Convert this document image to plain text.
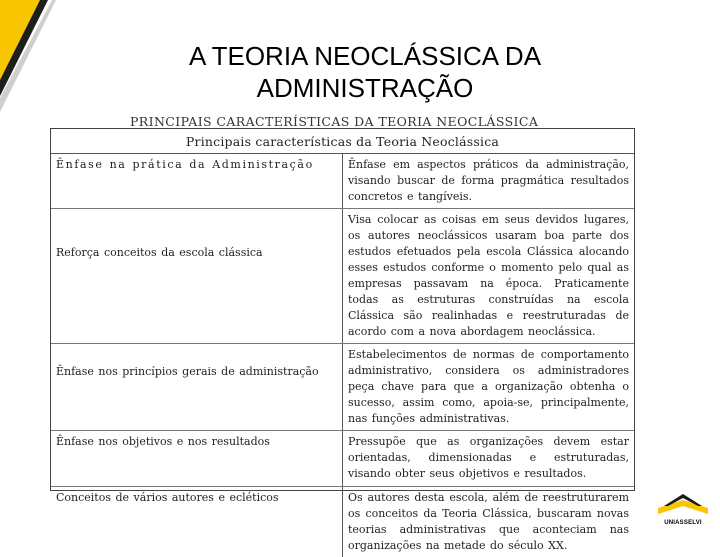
A TEORIA NEOCLÁSSICA DA ADMINISTRAÇÃO
PRINCIPAIS CARACTERÍSTICAS DA TEORIA NEOCLÁSSICA
Principais características da Teoria Neoclássica	
Ênfase na prática da Administração	Ênfase em aspectos práticos da administração, visando buscar de forma pragmática resultados concretos e tangíveis.
Reforça conceitos da escola clássica	Visa colocar as coisas em seus devidos lugares, os autores neoclássicos usaram boa parte dos estudos efetuados pela escola Clássica alocando esses estudos conforme o momento pelo qual as empresas passavam na época. Praticamente todas as estruturas construídas na escola Clássica são realinhadas e reestruturadas de acordo com a nova abordagem neoclássica.
Ênfase nos princípios gerais de administração	Estabelecimentos de normas de comportamento administrativo, considera os administradores peça chave para que a organização obtenha o sucesso, assim como, apoia-se, principalmente, nas funções administrativas.
Ênfase nos objetivos e nos resultados	Pressupõe que as organizações devem estar orientadas, dimensionadas e estruturadas, visando obter seus objetivos e resultados.
Conceitos de vários autores e ecléticos	Os autores desta escola, além de reestruturarem os conceitos da Teoria Clássica, buscaram novas teorias administrativas que aconteciam nas organizações na metade do século XX.
UNIASSELVI
